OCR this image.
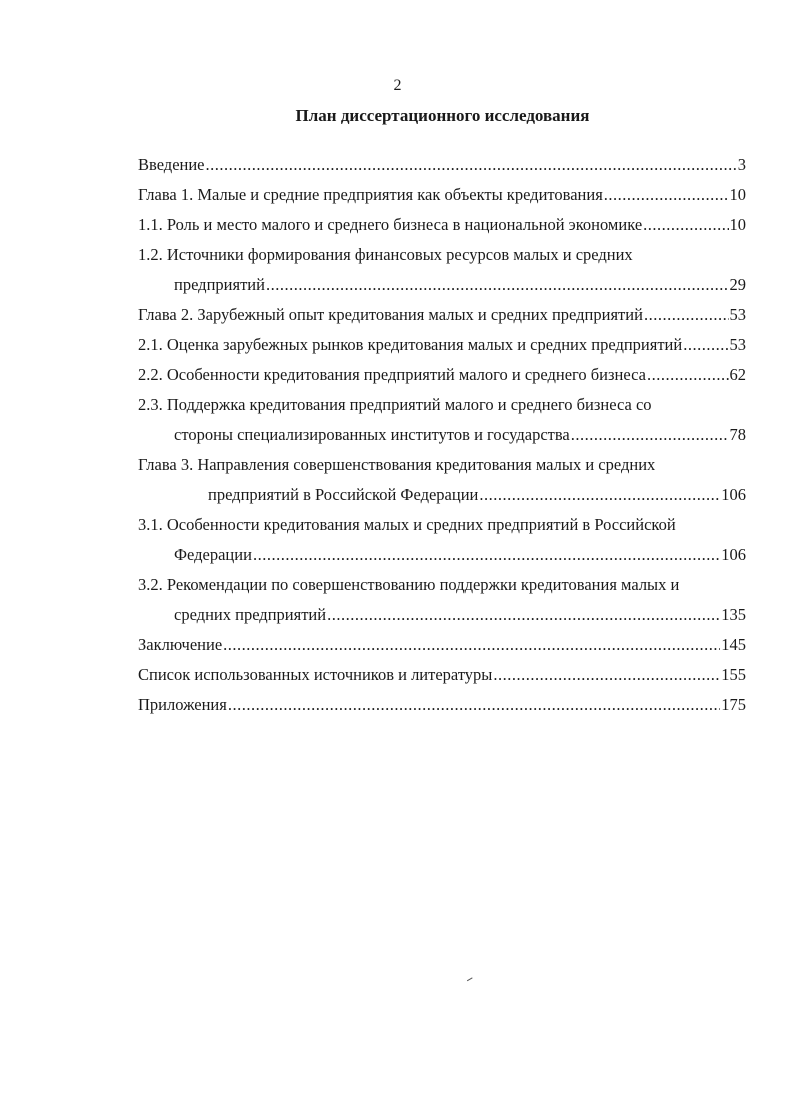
2
План диссертационного исследования
Введение .....	3
Глава 1. Малые и средние предприятия как объекты кредитования .....	10
1.1. Роль и место малого и среднего бизнеса в национальной экономике .....	10
1.2. Источники формирования финансовых ресурсов малых и средних
предприятий .....	29
Глава 2. Зарубежный опыт кредитования малых и средних предприятий .....	53
2.1. Оценка зарубежных рынков кредитования малых и средних предприятий .....	53
2.2. Особенности кредитования предприятий малого и среднего бизнеса .....	62
2.3. Поддержка кредитования предприятий малого и среднего бизнеса со
стороны специализированных институтов и государства .....	78
Глава 3. Направления совершенствования кредитования малых и средних
предприятий в Российской Федерации .....	106
3.1. Особенности кредитования малых и средних предприятий в Российской
Федерации .....	106
3.2. Рекомендации по совершенствованию поддержки кредитования малых и
средних предприятий .....	135
Заключение .....	145
Список использованных источников и литературы .....	155
Приложения .....	175
